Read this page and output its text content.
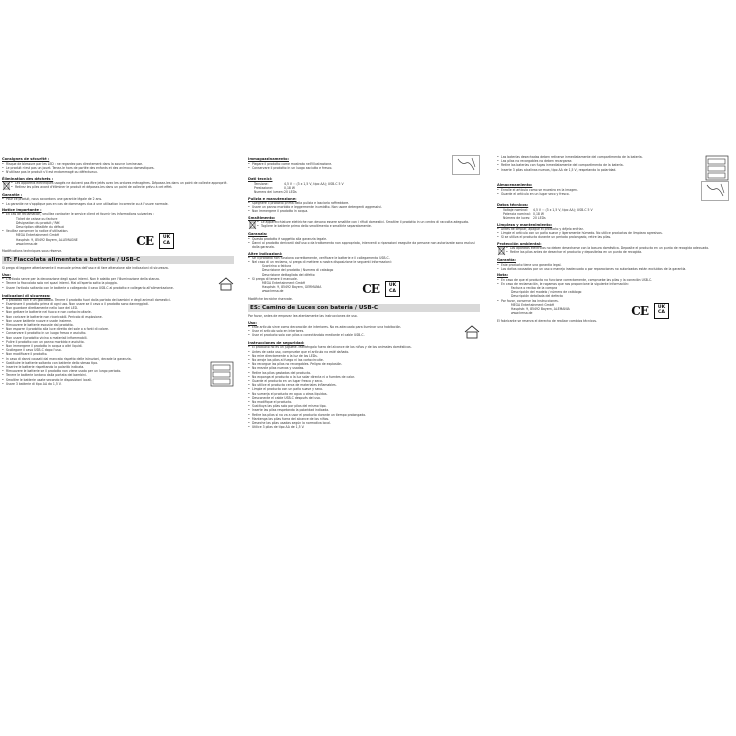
Consignes de sécurité :

• Risque de blessure par les LED : ne regardez pas directement dans la source lumineuse.

• Le produit n'est pas un jouet. Tenez-le hors de portée des enfants et des animaux domestiques.

• N'utilisez pas le produit s'il est endommagé ou défectueux.

Élimination des déchets :

• Les appareils électriques usagés ne doivent pas être jetés avec les ordures ménagères. Déposez-les dans un point de collecte approprié.

• Retirez les piles avant d'éliminer le produit et déposez-les dans un point de collecte prévu à cet effet.

Garantie :

• Pour ce produit, nous accordons une garantie légale de 2 ans.

• La garantie ne s'applique pas en cas de dommages dus à une utilisation incorrecte ou à l'usure normale.

Notice importante :

• En cas de réclamation, veuillez contacter le service client et fournir les informations suivantes :

Ticket de caisse ou facture

Désignation du produit / Réf.

Description détaillée du défaut

• Veuillez conserver la notice d'utilisation.

MEGA Entertainment GmbH

Hauptstr. 9, 85492 Bayern, ALLEMAGNE

www.kmsa.de	CE	UK
CA

Modifications techniques sous réserve.

IT: Fiaccolata alimentata a batterie / USB-C

Si prega di leggere attentamente il manuale prima dell'uso e di fare attenzione alle indicazioni di sicurezza.

Uso:

• L'articolo serve per la decorazione degli spazi interni. Non è adatto per l'illuminazione della stanza.

• Tenere la fiaccolata solo nei spazi interni. Mai all'aperto sotto la pioggia.

• Usare l'articolo soltanto con le batterie o collegando il cavo USB-C al prodotto e collegarlo all'alimentazione.

Indicazioni di sicurezza:

• Il prodotto non è un giocattolo. Tenere il prodotto fuori dalla portata dei bambini e degli animali domestici.

• Esaminare il prodotto prima di ogni uso. Non usare se il cavo o il prodotto sono danneggiati.

• Non guardare direttamente nella luce del LED.

• Non gettare le batterie nel fuoco e non cortocircuitarle.

• Non caricare le batterie non ricaricabili. Pericolo di esplosione.

• Non usare batterie nuove e usate insieme.

• Rimuovere le batterie esauste dal prodotto.

• Non esporre il prodotto alla luce diretta del sole o a fonti di calore.

• Conservare il prodotto in un luogo fresco e asciutto.

• Non usare il prodotto vicino a materiali infiammabili.

• Pulire il prodotto con un panno morbido e asciutto.

• Non immergere il prodotto in acqua o altri liquidi.

• Scollegare il cavo USB-C dopo l'uso.

• Non modificare il prodotto.

• In caso di danni causati dal mancato rispetto delle istruzioni, decade la garanzia.

• Sostituire le batterie soltanto con batterie dello stesso tipo.

• Inserire le batterie rispettando la polarità indicata.

• Rimuovere le batterie se il prodotto non viene usato per un lungo periodo.

• Tenere le batterie lontano dalla portata dei bambini.

• Smaltire le batterie usate secondo le disposizioni locali.

• Usare 3 batterie di tipo AA da 1,5 V.

Immagazzinamento:

• Piegare il prodotto come mostrato nell'illustrazione.

• Conservare il prodotto in un luogo asciutto e fresco.

Dati tecnici:
Tensione:	4,5 V ⎓ (3 x 1,5 V, tipo AA); USB-C 5 V
Prestazione:	0,18 W
Numero dei lumen: 20 LEDs
Pulizia e manutenzione:

• Spegnere il prodotto prima della pulizia e lasciarlo raffreddare.

• Usare un panno morbido e leggermente inumidito. Non usare detergenti aggressivi.

• Non immergere il prodotto in acqua.

Smaltimento:

• Le apparecchiature elettriche non devono essere smaltite con i rifiuti domestici. Smaltire il prodotto in un centro di raccolta adeguato.

• Togliere le batterie prima dello smaltimento e smaltirle separatamente.

Garanzia:

• Questo prodotto è soggetto alla garanzia legale.

• Danni al prodotto derivanti dall'uso o da trattamento non appropriato, interventi o riparazioni eseguite da persone non autorizzate sono esclusi dalla garanzia.

Altre indicazioni:

• Se il prodotto non funziona correttamente, verificare le batterie e il collegamento USB-C.

• Nel caso di un reclamo, si prega di mettere a nostra disposizione le seguenti informazioni:

Scontrino o fattura

Descrizione del prodotto / Numero di catalogo

Descrizione dettagliata del difetto

• Si prega di tenere il manuale.

MEGA Entertainment GmbH

Hauptstr. 9, 85492 Bayern, GERMANIA

www.kmsa.de	CE	UK
CA

Modifiche tecniche riservate.

ES: Camino de Luces con batería / USB-C

Por favor, antes de empezar lea atentamente las instrucciones de uso.

Uso:

• Este artículo sirve como decoración de interiores. No es adecuado para iluminar una habitación.

• Usar el artículo solo en interiores.

• Usar el producto solo con pilas o conectándolo mediante el cable USB-C.

Instrucciones de seguridad:

• El producto no es un juguete. Manténgalo fuera del alcance de los niños y de los animales domésticos.

• Antes de cada uso, compruebe que el artículo no esté dañado.

• No mire directamente a la luz de los LEDs.

• No arroje las pilas al fuego ni las cortocircuite.

• No recargue las pilas no recargables. Peligro de explosión.

• No mezcle pilas nuevas y usadas.

• Retire las pilas gastadas del producto.

• No exponga el producto a la luz solar directa ni a fuentes de calor.

• Guarde el producto en un lugar fresco y seco.

• No utilice el producto cerca de materiales inflamables.

• Limpie el producto con un paño suave y seco.

• No sumerja el producto en agua u otros líquidos.

• Desconecte el cable USB-C después del uso.

• No modifique el producto.

• Sustituya las pilas solo por pilas del mismo tipo.

• Inserte las pilas respetando la polaridad indicada.

• Retire las pilas si no va a usar el producto durante un tiempo prolongado.

• Mantenga las pilas fuera del alcance de los niños.

• Deseche las pilas usadas según la normativa local.

• Utilice 3 pilas de tipo AA de 1,5 V.

• Las baterías desechadas deben retirarse inmediatamente del compartimento de la batería.

• Las pilas no recargables no deben recargarse.

• Retire las baterías con fugas inmediatamente del compartimento de la batería.

• Inserte 3 pilas alcalinas nuevas, tipo AA de 1,5 V, respetando la polaridad.

Almacenamiento:

• Enrolle el artículo como se muestra en la imagen.

• Guarde el artículo en un lugar seco y fresco.

Datos técnicos:
Voltaje nominal:	4,5 V ⎓ (3 x 1,5 V, tipo AA); USB-C 5 V
Potencia nominal: 0,18 W
Número de luces: 20 LEDs
Limpieza y mantenimiento:

• Antes de limpiar, apague el producto y déjelo enfriar.

• Limpie el artículo con un paño suave y ligeramente húmedo. No utilice productos de limpieza agresivos.

• Si se utiliza el producto durante un periodo prolongado, retire las pilas.

Protección ambiental:

• Los aparatos eléctricos no deben desecharse con la basura doméstica. Deposite el producto en un punto de recogida adecuado.

• Retire las pilas antes de desechar el producto y deposítelas en un punto de recogida.

Garantía:

• Este producto tiene una garantía legal.

• Los daños causados por un uso o manejo inadecuado o por reparaciones no autorizadas están excluidos de la garantía.

Nota:

• En caso de que el producto no funcione correctamente, compruebe las pilas y la conexión USB-C.

• En caso de reclamación, le rogamos que nos proporcione la siguiente información:

Factura o recibo de la compra

Descripción del modelo / número de catálogo

Descripción detallada del defecto

• Por favor, conserve las instrucciones.

MEGA Entertainment GmbH

Hauptstr. 9, 85492 Bayern, ALEMANIA

www.kmsa.de	CE	UK
CA

El fabricante se reserva el derecho de realizar cambios técnicos.
